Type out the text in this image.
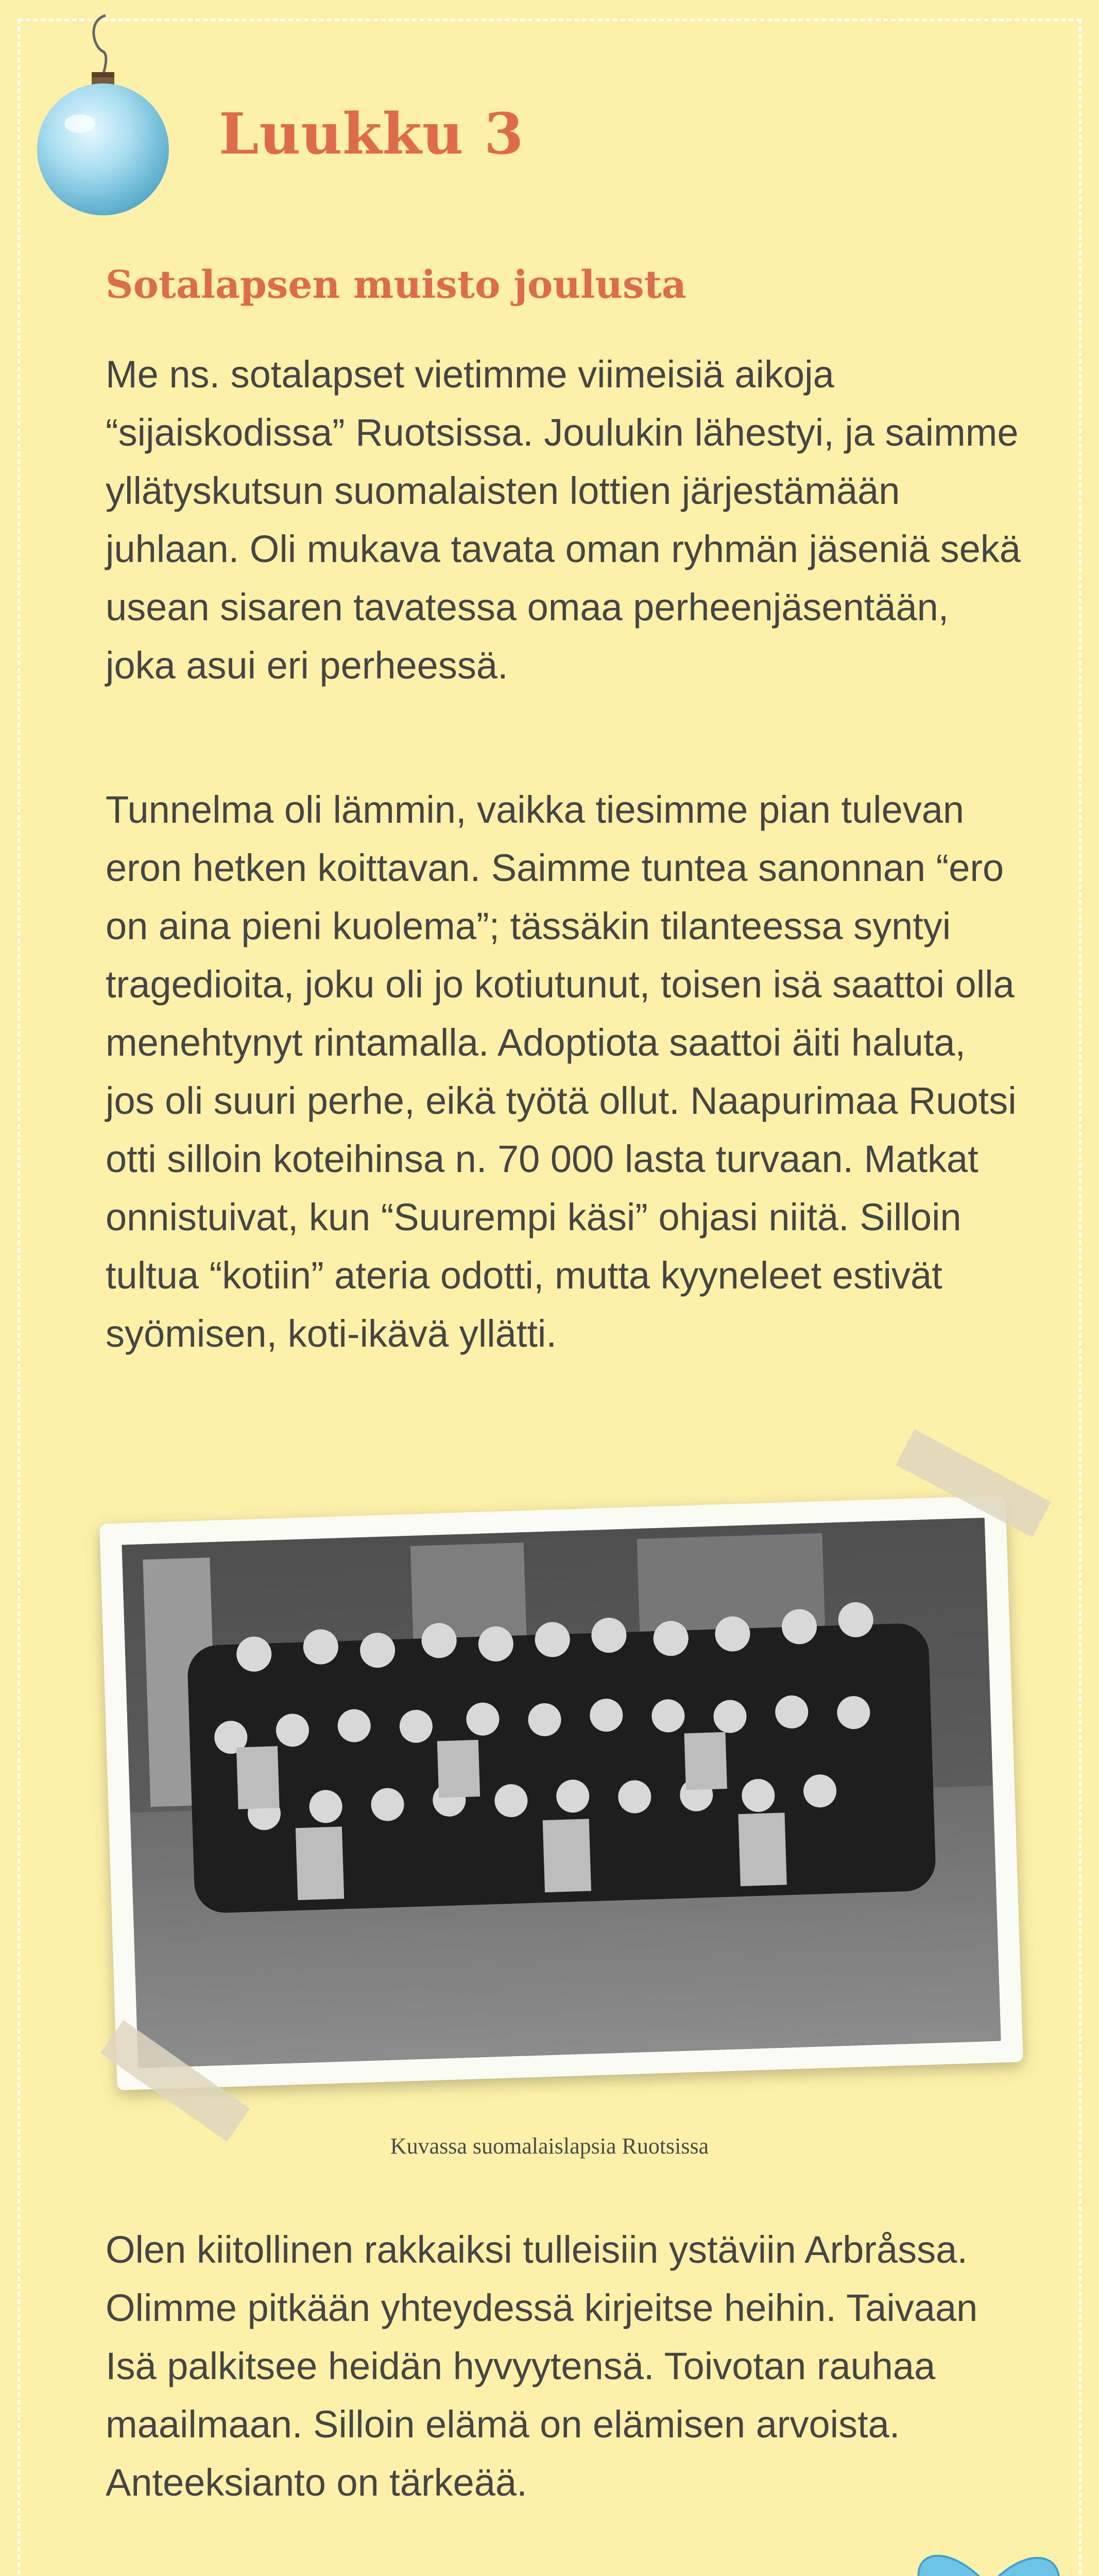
Luukku 3
Sotalapsen muisto joulusta

Me ns. sotalapset vietimme viimeisiä aikoja “sijaiskodissa” Ruotsissa. Joulukin lähestyi, ja saimme yllätyskutsun suomalaisten lottien järjestämään juhlaan. Oli mukava tavata oman ryhmän jäseniä sekä usean sisaren tavatessa omaa perheenjäsentään, joka asui eri perheessä.

Tunnelma oli lämmin, vaikka tiesimme pian tulevan eron hetken koittavan. Saimme tuntea sanonnan “ero on aina pieni kuolema”; tässäkin tilanteessa syntyi tragedioita, joku oli jo kotiutunut, toisen isä saattoi olla menehtynyt rintamalla. Adoptiota saattoi äiti haluta, jos oli suuri perhe, eikä työtä ollut. Naapurimaa Ruotsi otti silloin koteihinsa n. 70 000 lasta turvaan. Matkat onnistuivat, kun “Suurempi käsi” ohjasi niitä. Silloin tultua “kotiin” ateria odotti, mutta kyyneleet estivät syömisen, koti-ikävä yllätti.

Kuvassa suomalaislapsia Ruotsissa

Olen kiitollinen rakkaiksi tulleisiin ystäviin Arbråssa. Olimme pitkään yhteydessä kirjeitse heihin. Taivaan Isä palkitsee heidän hyvyytensä. Toivotan rauhaa maailmaan. Silloin elämä on elämisen arvoista. Anteeksianto on tärkeää.
